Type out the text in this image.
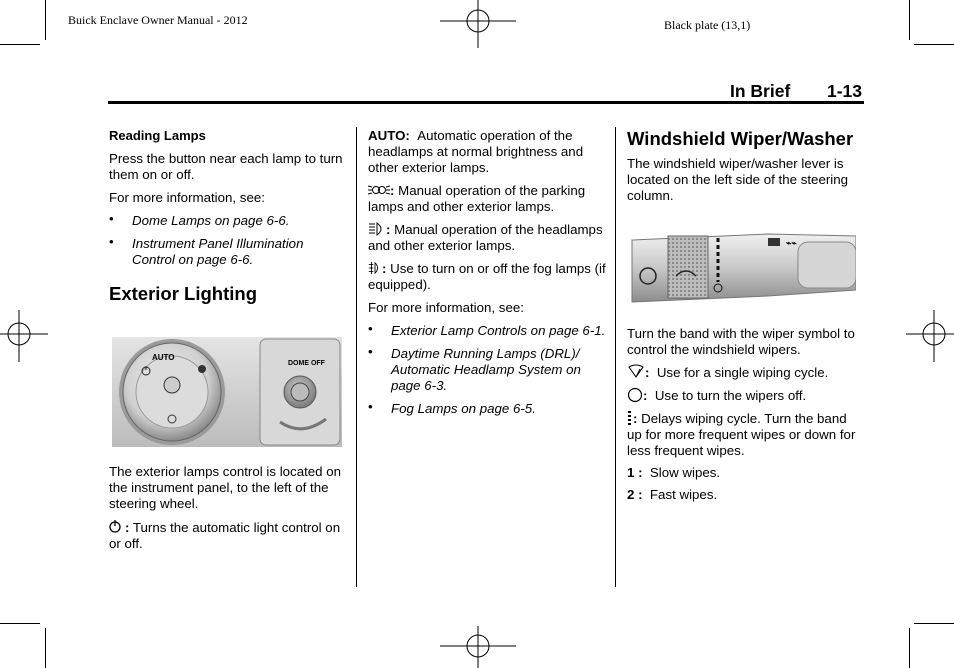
Buick Enclave Owner Manual - 2012	Black plate (13,1)
In Brief 1-13

Reading Lamps

Press the button near each lamp to turn them on or off.

For more information, see:

• Dome Lamps on page 6-6.

• Instrument Panel Illumination Control on page 6-6.

Exterior Lighting
AUTO
DOME OFF

The exterior lamps control is located on the instrument panel, to the left of the steering wheel.

: Turns the automatic light control on or off.

AUTO: Automatic operation of the headlamps at normal brightness and other exterior lamps.

: Manual operation of the parking lamps and other exterior lamps.

: Manual operation of the headlamps and other exterior lamps.

: Use to turn on or off the fog lamps (if equipped).

For more information, see:

• Exterior Lamp Controls on page 6-1.

• Daytime Running Lamps (DRL)/ Automatic Headlamp System on page 6-3.

• Fog Lamps on page 6-5.

Windshield Wiper/Washer

The windshield wiper/washer lever is located on the left side of the steering column.

⌁⌁

Turn the band with the wiper symbol to control the windshield wipers.

: Use for a single wiping cycle.

: Use to turn the wipers off.

: Delays wiping cycle. Turn the band up for more frequent wipes or down for less frequent wipes.

1 : Slow wipes.

2 : Fast wipes.
